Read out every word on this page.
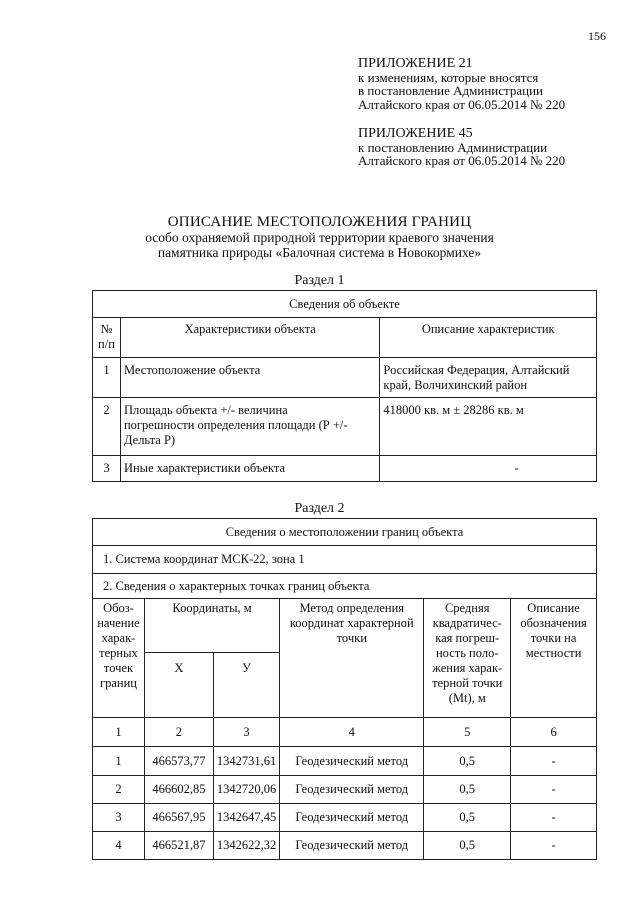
156
ПРИЛОЖЕНИЕ 21
к изменениям, которые вносятся
в постановление Администрации
Алтайского края от 06.05.2014 № 220
ПРИЛОЖЕНИЕ 45
к постановлению Администрации
Алтайского края от 06.05.2014 № 220
ОПИСАНИЕ МЕСТОПОЛОЖЕНИЯ ГРАНИЦ
особо охраняемой природной территории краевого значения
памятника природы «Балочная система в Новокормихе»
Раздел 1
Сведения об объекте		
№ п/п	Характеристики объекта	Описание характеристик
1	Местоположение объекта	Российская Федерация, Алтайский край, Волчихинский район
2	Площадь объекта +/- величина погрешности определения площади (Р +/- Дельта Р)	418000 кв. м ± 28286 кв. м
3	Иные характеристики объекта	-
Раздел 2
Сведения о местоположении границ объекта					
1. Система координат МСК-22, зона 1					
2. Сведения о характерных точках границ объекта					
Обоз-начение харак-терных точек границ	Координаты, м		Метод определения координат характерной точки	Средняя квадратичес-кая погреш-ность поло-жения харак-терной точки (Mt), м	Описание обозначения точки на местности
	Х	У			
1	2	3	4	5	6
1	466573,77	1342731,61	Геодезический метод	0,5	-
2	466602,85	1342720,06	Геодезический метод	0,5	-
3	466567,95	1342647,45	Геодезический метод	0,5	-
4	466521,87	1342622,32	Геодезический метод	0,5	-
